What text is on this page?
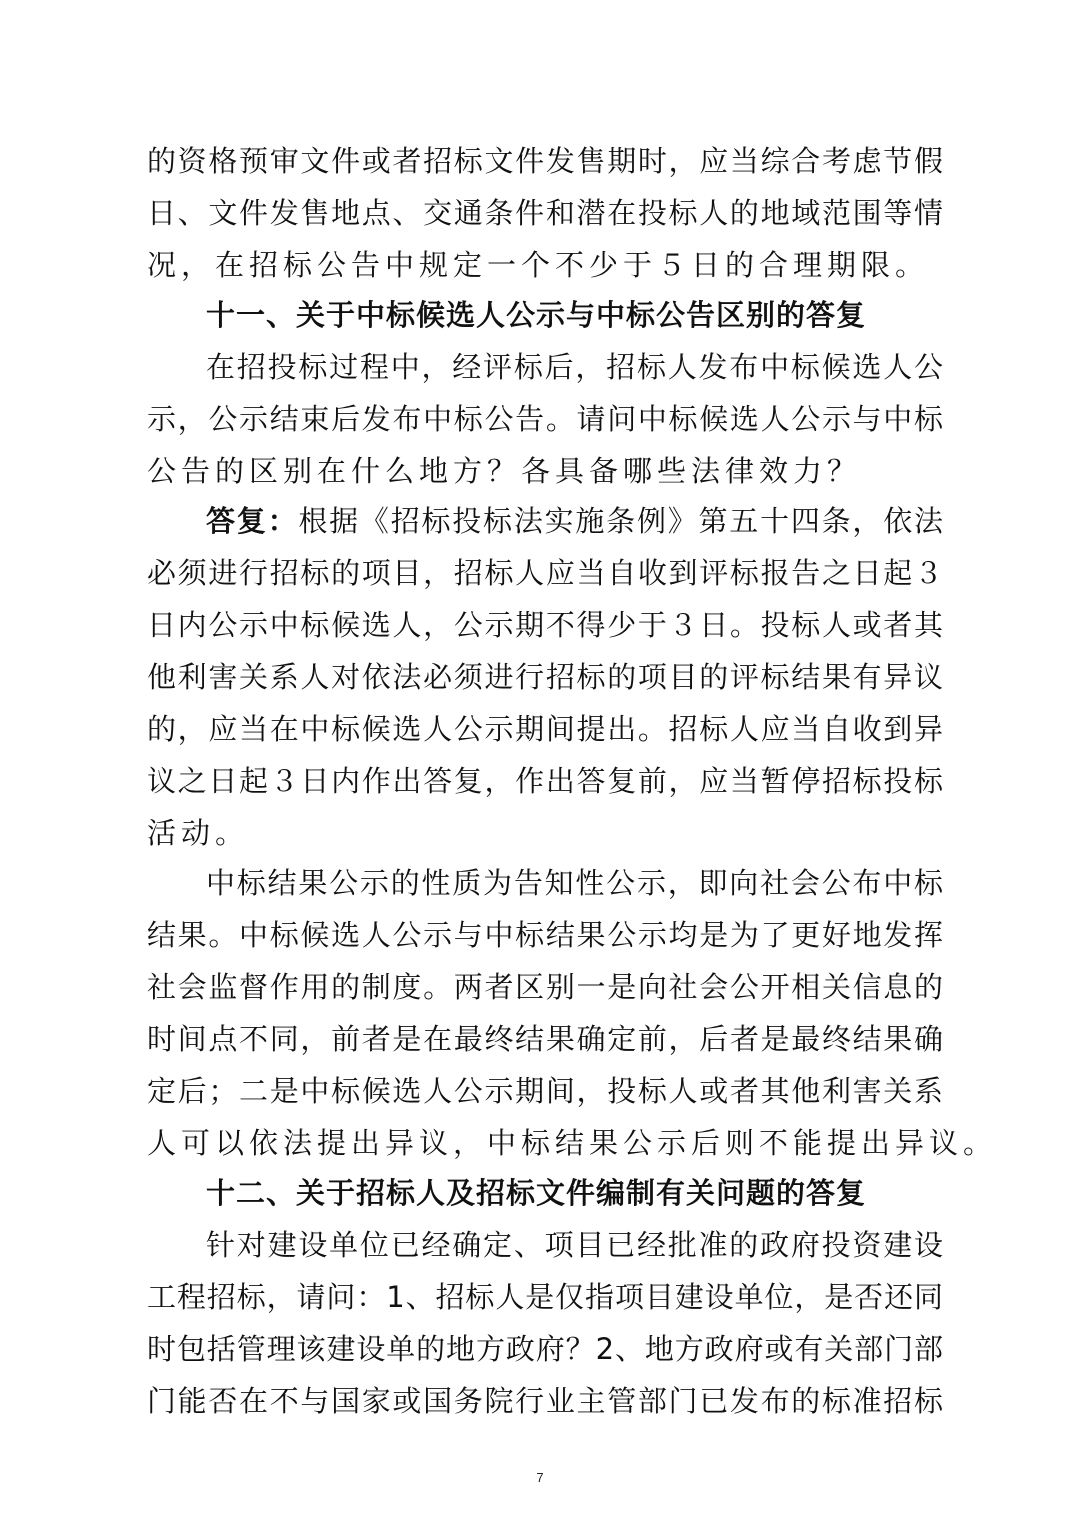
的资格预审文件或者招标文件发售期时，应当综合考虑节假
日、文件发售地点、交通条件和潜在投标人的地域范围等情
况，在招标公告中规定一个不少于５日的合理期限。
十一、关于中标候选人公示与中标公告区别的答复
在招投标过程中，经评标后，招标人发布中标候选人公
示，公示结束后发布中标公告。请问中标候选人公示与中标
公告的区别在什么地方？各具备哪些法律效力？
答复：根据《招标投标法实施条例》第五十四条，依法
必须进行招标的项目，招标人应当自收到评标报告之日起３
日内公示中标候选人，公示期不得少于３日。投标人或者其
他利害关系人对依法必须进行招标的项目的评标结果有异议
的，应当在中标候选人公示期间提出。招标人应当自收到异
议之日起３日内作出答复，作出答复前，应当暂停招标投标
活动。
中标结果公示的性质为告知性公示，即向社会公布中标
结果。中标候选人公示与中标结果公示均是为了更好地发挥
社会监督作用的制度。两者区别一是向社会公开相关信息的
时间点不同，前者是在最终结果确定前，后者是最终结果确
定后；二是中标候选人公示期间，投标人或者其他利害关系
人可以依法提出异议，中标结果公示后则不能提出异议。
十二、关于招标人及招标文件编制有关问题的答复
针对建设单位已经确定、项目已经批准的政府投资建设
工程招标，请问：1、招标人是仅指项目建设单位，是否还同
时包括管理该建设单的地方政府？2、地方政府或有关部门部
门能否在不与国家或国务院行业主管部门已发布的标准招标
7
